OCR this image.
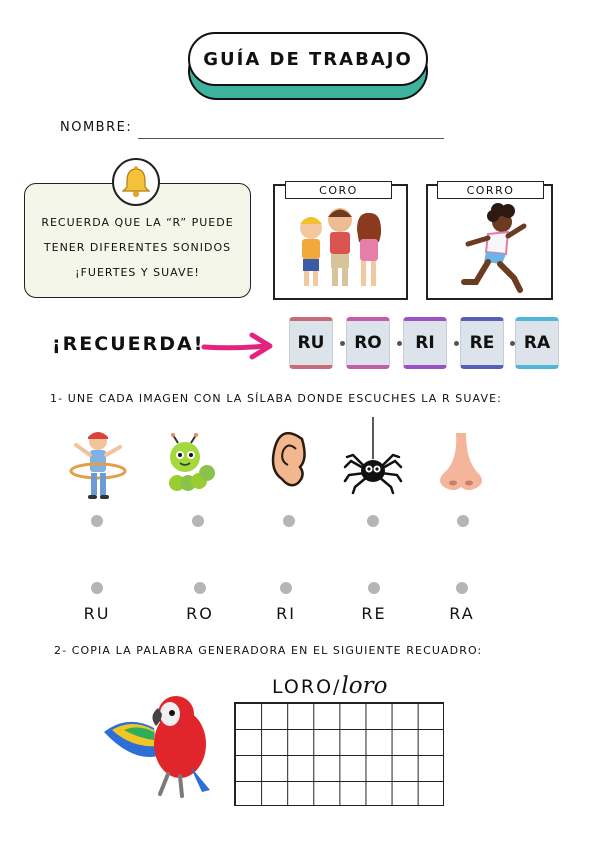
GUÍA DE TRABAJO
NOMBRE:
RECUERDA QUE LA “R” PUEDE
TENER DIFERENTES SONIDOS
¡FUERTES Y SUAVE!
CORO	CORRO
¡RECUERDA!	RU	RO	RI	RE	RA
1- UNE CADA IMAGEN CON LA SÍLABA DONDE ESCUCHES LA R SUAVE:
RU	RO	RI	RE	RA
2- COPIA LA PALABRA GENERADORA EN EL SIGUIENTE RECUADRO:
LORO/loro
